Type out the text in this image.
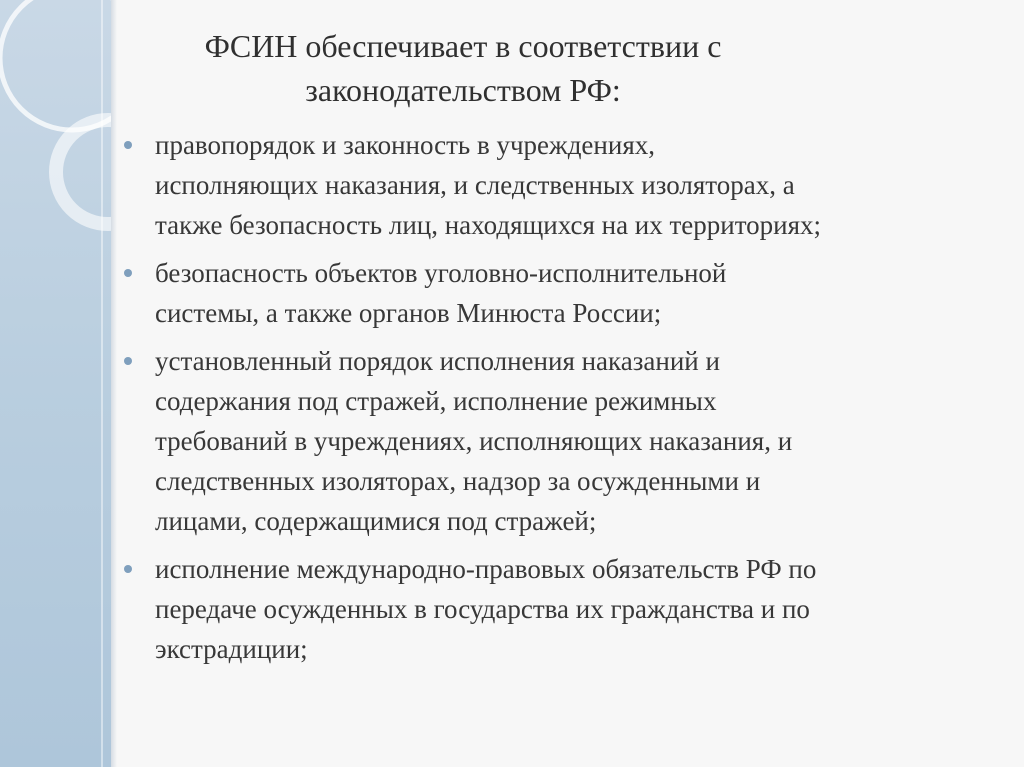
ФСИН обеспечивает в соответствии с
законодательством РФ:
правопорядок и законность в учреждениях,
исполняющих наказания, и следственных изоляторах, а
также безопасность лиц, находящихся на их территориях;
безопасность объектов уголовно-исполнительной
системы, а также органов Минюста России;
установленный порядок исполнения наказаний и
содержания под стражей, исполнение режимных
требований в учреждениях, исполняющих наказания, и
следственных изоляторах, надзор за осужденными и
лицами, содержащимися под стражей;
исполнение международно-правовых обязательств РФ по
передаче осужденных в государства их гражданства и по
экстрадиции;
